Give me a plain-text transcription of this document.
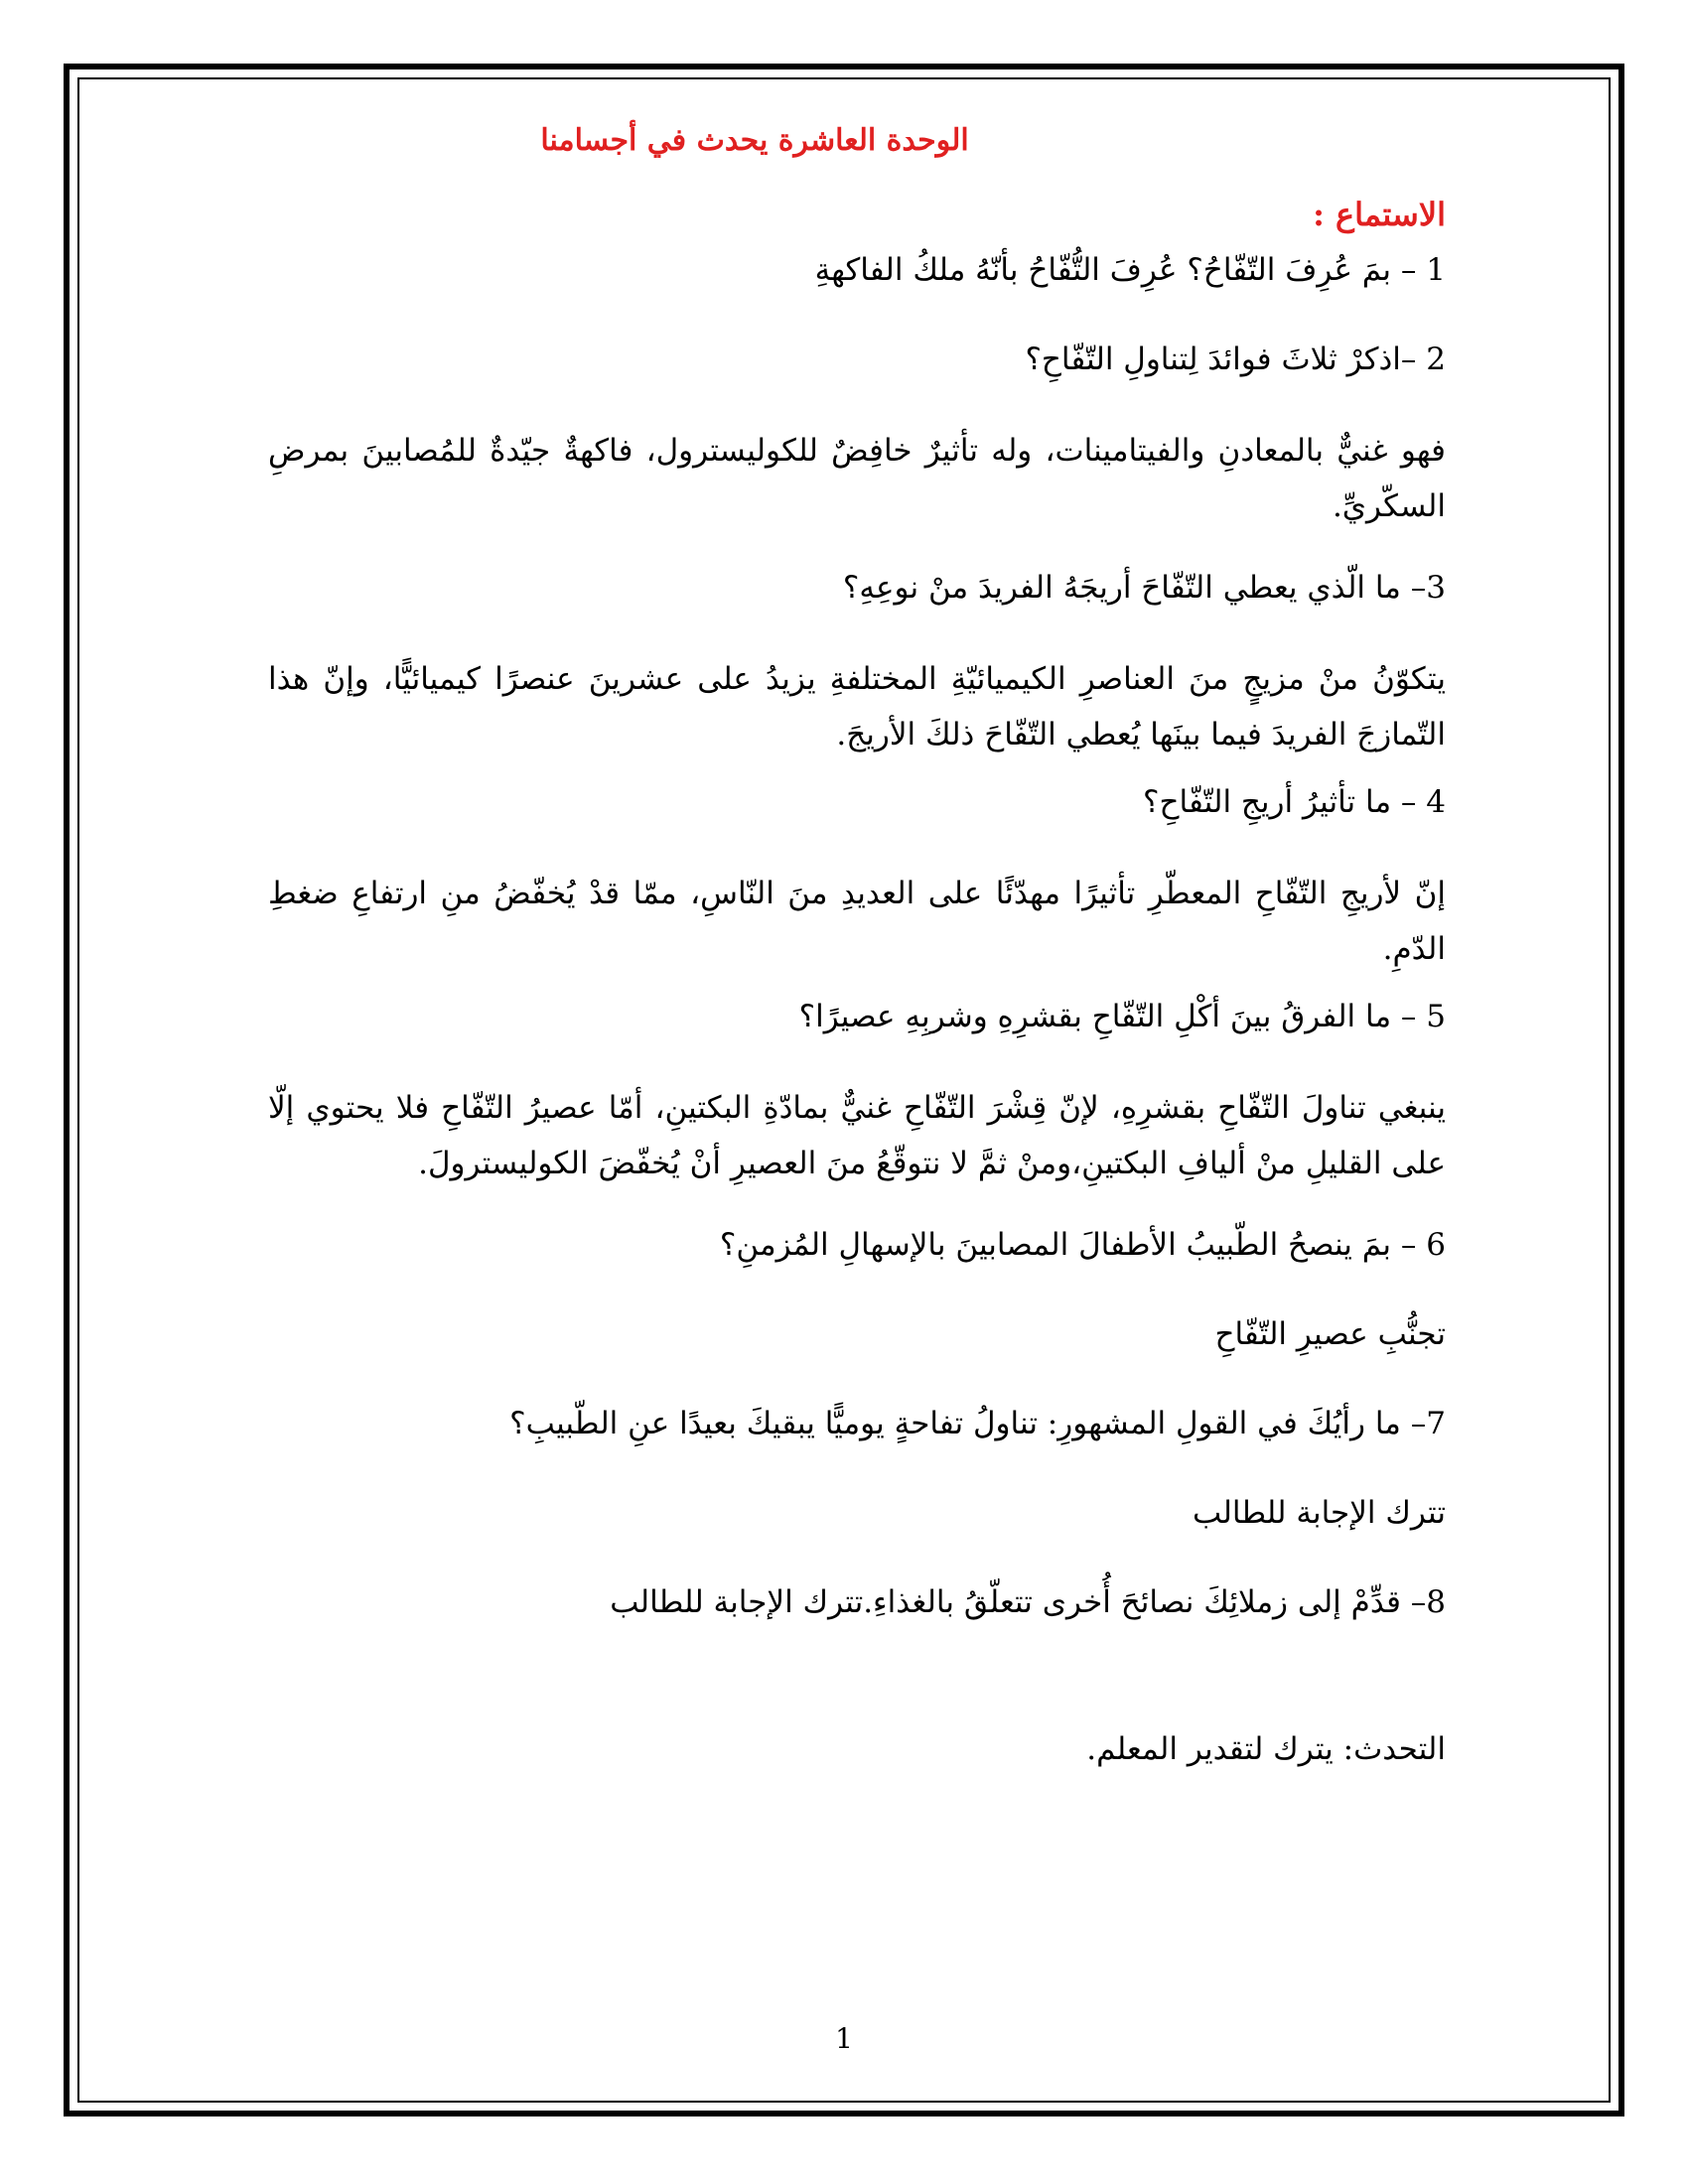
الوحدة العاشرة يحدث في أجسامنا
الاستماع :

1 – بمَ عُرِفَ التّفّاحُ؟ عُرِفَ التُّفّاحُ بأنّهُ ملكُ الفاكهةِ

2 –اذكرْ ثلاثَ فوائدَ لِتناولِ التّفّاحِ؟

فهو غنيٌّ بالمعادنِ والفيتامينات، وله تأثيرٌ خافِضٌ للكوليسترول، فاكهةٌ جيّدةٌ للمُصابينَ بمرضِ السكّريِّ.

3– ما الّذي يعطي التّفّاحَ أريجَهُ الفريدَ منْ نوعِهِ؟

يتكوّنُ منْ مزيجٍ منَ العناصرِ الكيميائيّةِ المختلفةِ يزيدُ على عشرينَ عنصرًا كيميائيًّا، وإنّ هذا التّمازجَ الفريدَ فيما بينَها يُعطي التّفّاحَ ذلكَ الأريجَ.

4 – ما تأثيرُ أريجِ التّفّاحِ؟

إنّ لأريجِ التّفّاحِ المعطّرِ تأثيرًا مهدّئًا على العديدِ منَ النّاسِ، ممّا قدْ يُخفّضُ منِ ارتفاعِ ضغطِ الدّمِ.

5 – ما الفرقُ بينَ أكْلِ التّفّاحِ بقشرِهِ وشربِهِ عصيرًا؟

ينبغي تناولَ التّفّاحِ بقشرِهِ، لإنّ قِشْرَ التّفّاحِ غنيٌّ بمادّةِ البكتينِ، أمّا عصيرُ التّفّاحِ فلا يحتوي إلّا على القليلِ منْ أليافِ البكتينِ،ومنْ ثمَّ لا نتوقّعُ منَ العصيرِ أنْ يُخفّضَ الكوليسترولَ.

6 – بمَ ينصحُ الطّبيبُ الأطفالَ المصابينَ بالإسهالِ المُزمنِ؟

تجنُّبِ عصيرِ التّفّاحِ

7– ما رأيُكَ في القولِ المشهورِ: تناولُ تفاحةٍ يوميًّا يبقيكَ بعيدًا عنِ الطّبيبِ؟

تترك الإجابة للطالب

8– قدِّمْ إلى زملائِكَ نصائحَ أُخرى تتعلّقُ بالغذاءِ.تترك الإجابة للطالب

التحدث: يترك لتقدير المعلم.

1
